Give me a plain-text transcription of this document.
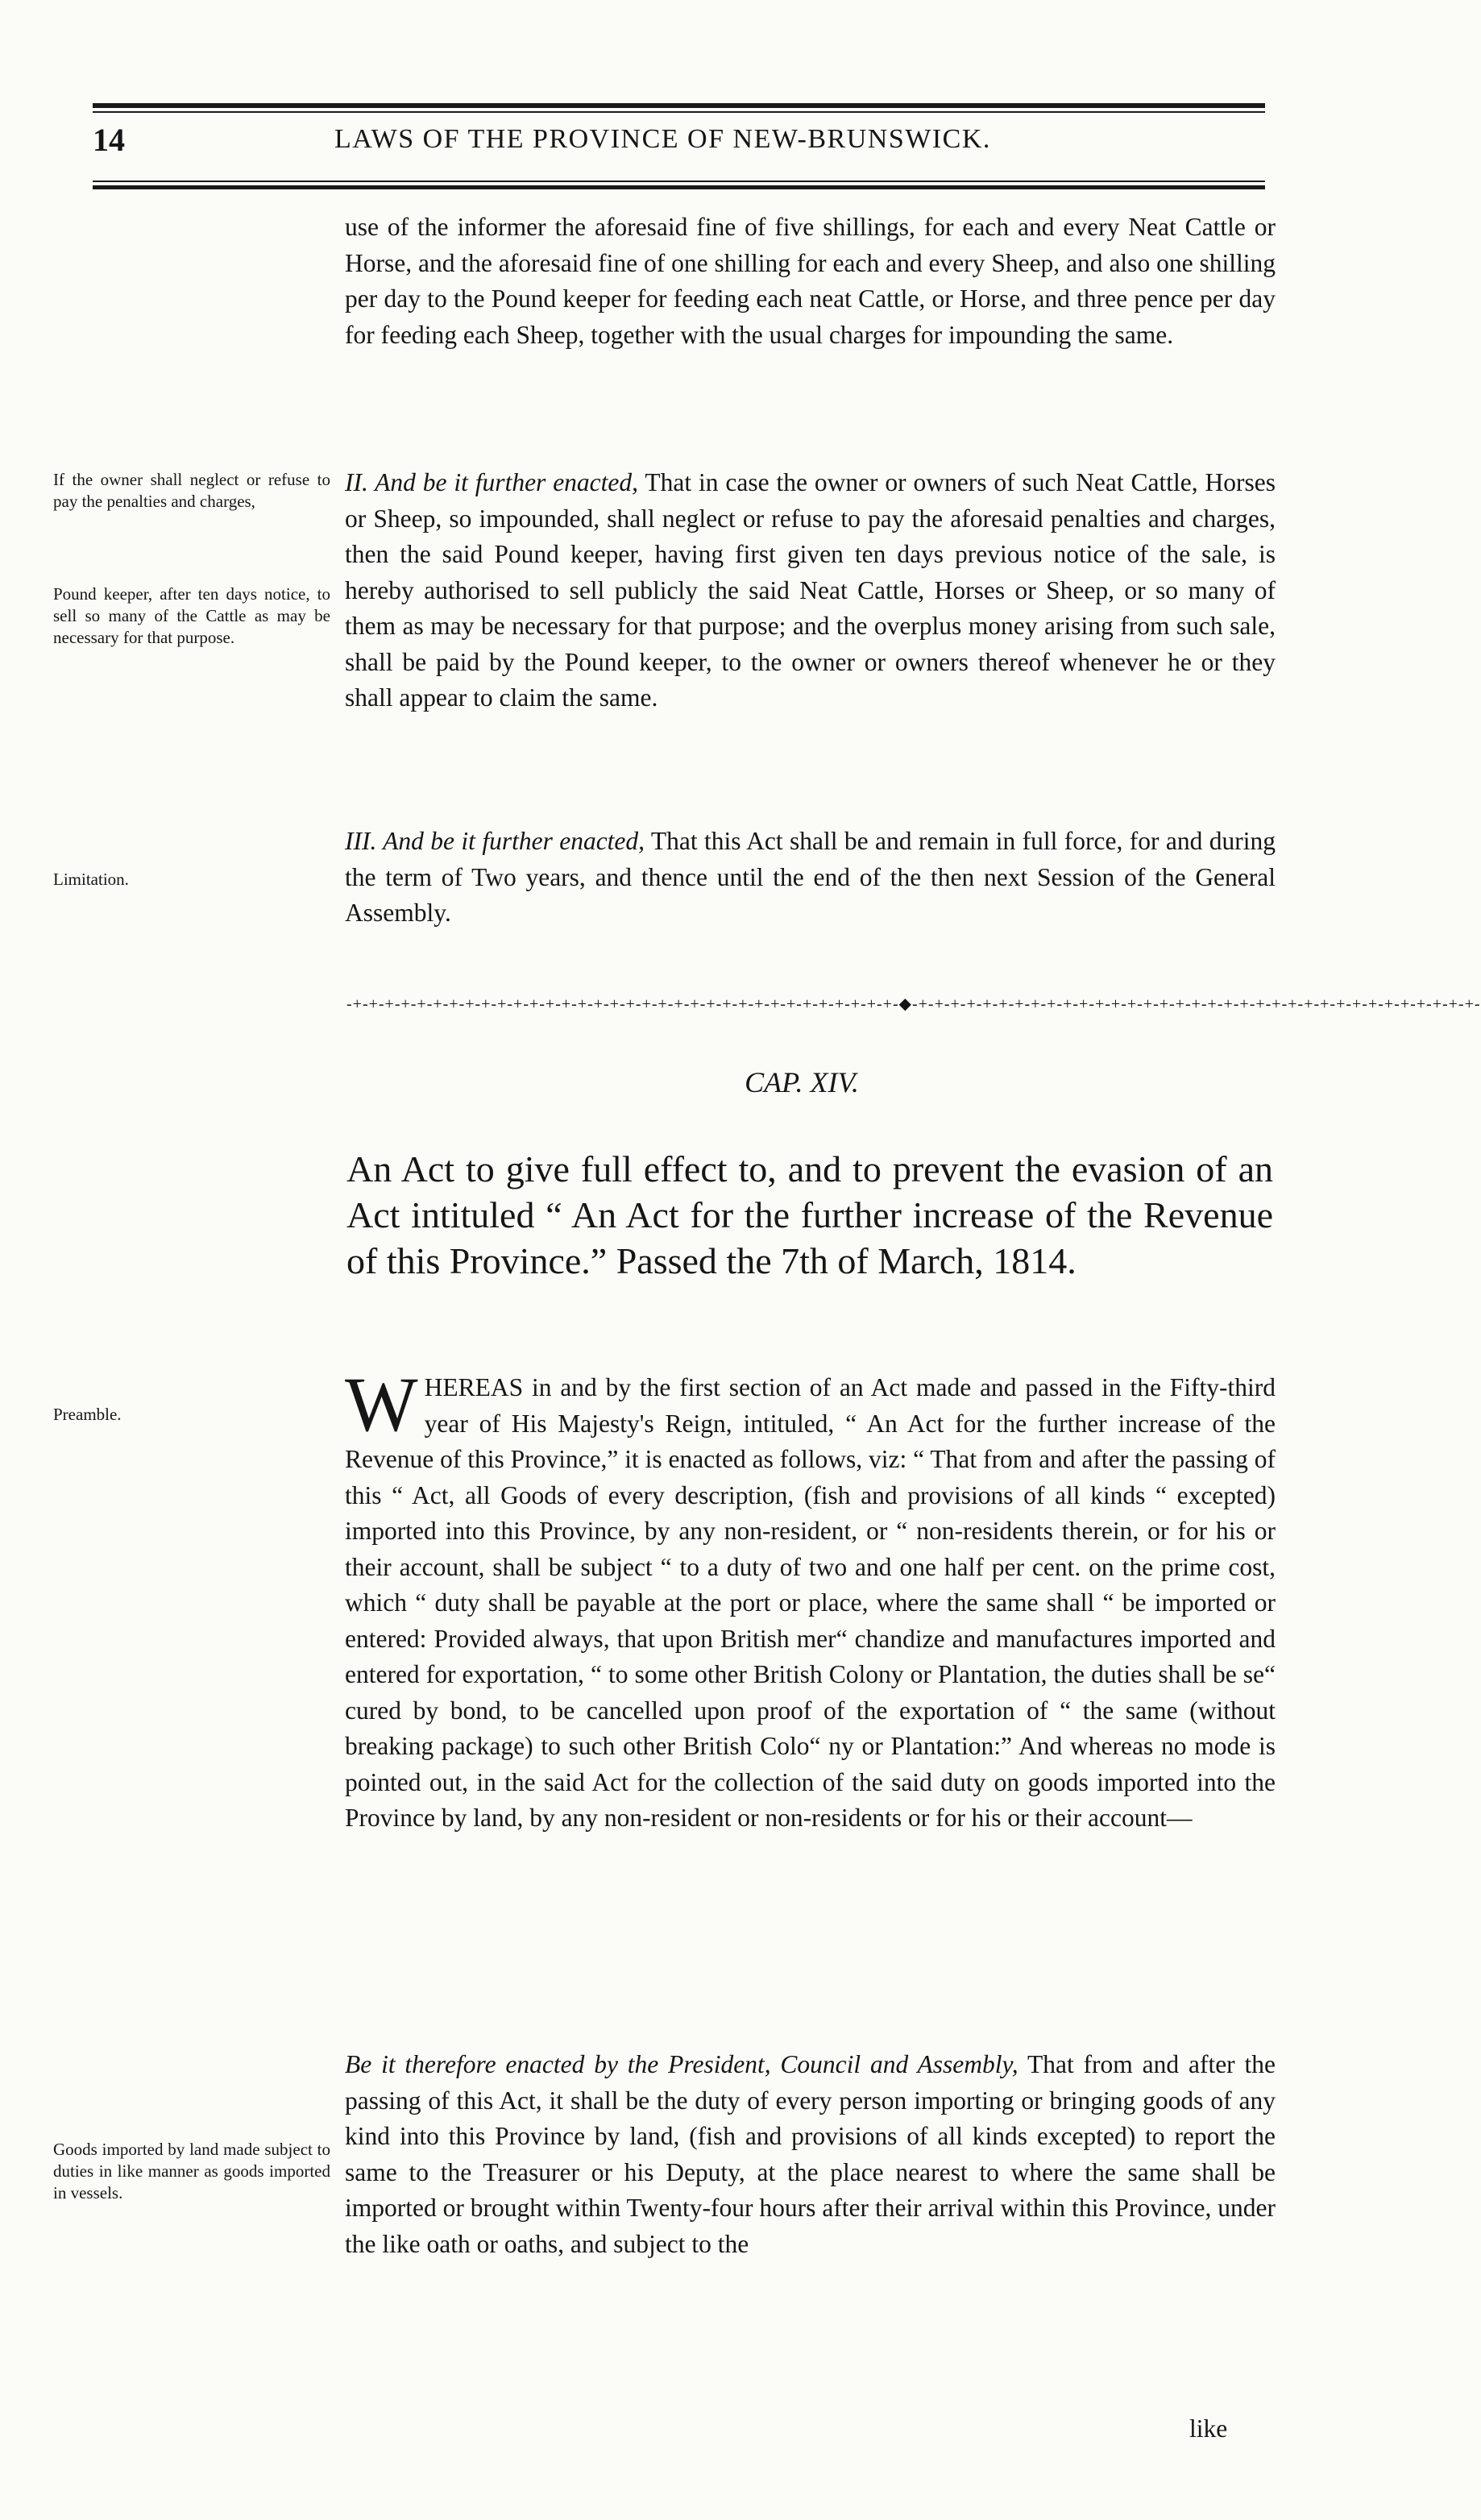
14	LAWS OF THE PROVINCE OF NEW-BRUNSWICK.

use of the informer the aforesaid fine of five shillings, for each and every Neat Cattle or Horse, and the aforesaid fine of one shilling for each and every Sheep, and also one shilling per day to the Pound keeper for feeding each neat Cattle, or Horse, and three pence per day for feeding each Sheep, together with the usual charges for impounding the same.

II. And be it further enacted, That in case the owner or owners of such Neat Cattle, Horses or Sheep, so impounded, shall neglect or refuse to pay the aforesaid penalties and charges, then the said Pound keeper, having first given ten days previous notice of the sale, is hereby authorised to sell publicly the said Neat Cattle, Horses or Sheep, or so many of them as may be necessary for that purpose; and the overplus money arising from such sale, shall be paid by the Pound keeper, to the owner or owners thereof whenever he or they shall appear to claim the same.

III. And be it further enacted, That this Act shall be and remain in full force, for and during the term of Two years, and thence until the end of the then next Session of the General Assembly.

-+-+-+-+-+-+-+-+-+-+-+-+-+-+-+-+-+-+-+-+-+-+-+-+-+-+-+-+-+-+-+-+-+-+-◆-+-+-+-+-+-+-+-+-+-+-+-+-+-+-+-+-+-+-+-+-+-+-+-+-+-+-+-+-+-+-+-+-+-+-+-
CAP. XIV.
An Act to give full effect to, and to prevent the evasion of an Act intituled “ An Act for the further increase of the Revenue of this Province.” Passed the 7th of March, 1814.

W HEREAS in and by the first section of an Act made and passed in the Fifty-third year of His Majesty's Reign, intituled, “ An Act for the further increase of the Revenue of this Province,” it is enacted as follows, viz: “ That from and after the passing of this “ Act, all Goods of every description, (fish and provisions of all kinds “ excepted) imported into this Province, by any non-resident, or “ non-residents therein, or for his or their account, shall be subject “ to a duty of two and one half per cent. on the prime cost, which “ duty shall be payable at the port or place, where the same shall “ be imported or entered: Provided always, that upon British mer“ chandize and manufactures imported and entered for exportation, “ to some other British Colony or Plantation, the duties shall be se“ cured by bond, to be cancelled upon proof of the exportation of “ the same (without breaking package) to such other British Colo“ ny or Plantation:” And whereas no mode is pointed out, in the said Act for the collection of the said duty on goods imported into the Province by land, by any non-resident or non-residents or for his or their account—

Be it therefore enacted by the President, Council and Assembly, That from and after the passing of this Act, it shall be the duty of every person importing or bringing goods of any kind into this Province by land, (fish and provisions of all kinds excepted) to report the same to the Treasurer or his Deputy, at the place nearest to where the same shall be imported or brought within Twenty-four hours after their arrival within this Province, under the like oath or oaths, and subject to the

like
If the owner shall neglect or refuse to pay the penalties and charges,
Pound keeper, after ten days notice, to sell so many of the Cattle as may be necessary for that purpose.
Limitation.
Preamble.
Goods imported by land made subject to duties in like manner as goods imported in vessels.
